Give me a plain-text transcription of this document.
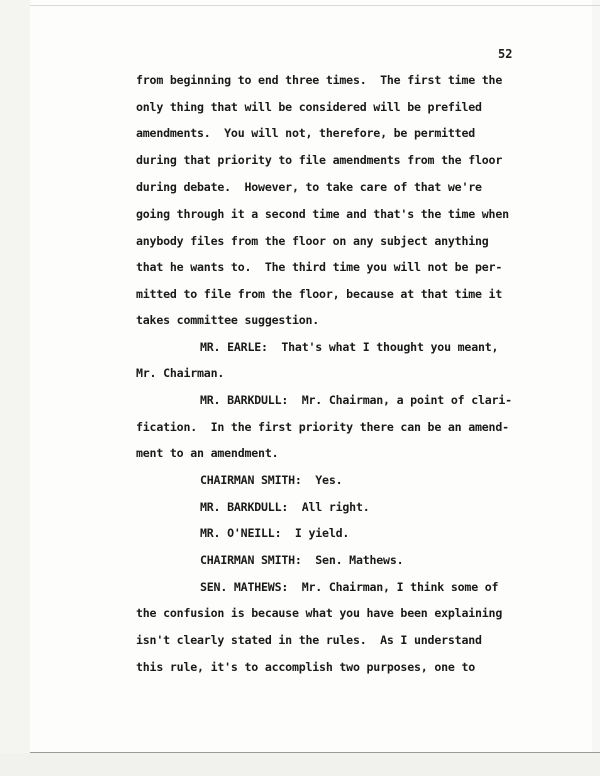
52
from beginning to end three times.  The first time the
only thing that will be considered will be prefiled
amendments.  You will not, therefore, be permitted
during that priority to file amendments from the floor
during debate.  However, to take care of that we're
going through it a second time and that's the time when
anybody files from the floor on any subject anything
that he wants to.  The third time you will not be per-
mitted to file from the floor, because at that time it
takes committee suggestion.
MR. EARLE:  That's what I thought you meant,
Mr. Chairman.
MR. BARKDULL:  Mr. Chairman, a point of clari-
fication.  In the first priority there can be an amend-
ment to an amendment.
CHAIRMAN SMITH:  Yes.
MR. BARKDULL:  All right.
MR. O'NEILL:  I yield.
CHAIRMAN SMITH:  Sen. Mathews.
SEN. MATHEWS:  Mr. Chairman, I think some of
the confusion is because what you have been explaining
isn't clearly stated in the rules.  As I understand
this rule, it's to accomplish two purposes, one to
